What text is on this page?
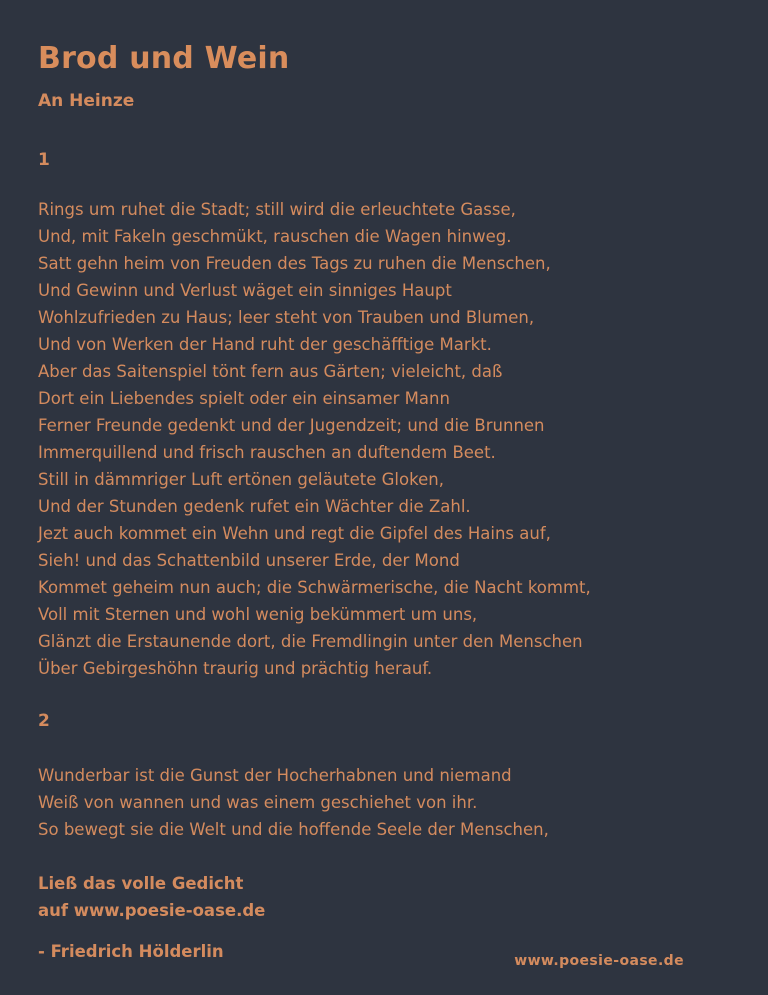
Brod und Wein
An Heinze
1
Rings um ruhet die Stadt; still wird die erleuchtete Gasse,
Und, mit Fakeln geschmükt, rauschen die Wagen hinweg.
Satt gehn heim von Freuden des Tags zu ruhen die Menschen,
Und Gewinn und Verlust wäget ein sinniges Haupt
Wohlzufrieden zu Haus; leer steht von Trauben und Blumen,
Und von Werken der Hand ruht der geschäfftige Markt.
Aber das Saitenspiel tönt fern aus Gärten; vieleicht, daß
Dort ein Liebendes spielt oder ein einsamer Mann
Ferner Freunde gedenkt und der Jugendzeit; und die Brunnen
Immerquillend und frisch rauschen an duftendem Beet.
Still in dämmriger Luft ertönen geläutete Gloken,
Und der Stunden gedenk rufet ein Wächter die Zahl.
Jezt auch kommet ein Wehn und regt die Gipfel des Hains auf,
Sieh! und das Schattenbild unserer Erde, der Mond
Kommet geheim nun auch; die Schwärmerische, die Nacht kommt,
Voll mit Sternen und wohl wenig bekümmert um uns,
Glänzt die Erstaunende dort, die Fremdlingin unter den Menschen
Über Gebirgeshöhn traurig und prächtig herauf.
2
Wunderbar ist die Gunst der Hocherhabnen und niemand
Weiß von wannen und was einem geschiehet von ihr.
So bewegt sie die Welt und die hoffende Seele der Menschen,
Ließ das volle Gedicht
auf www.poesie-oase.de
- Friedrich Hölderlin	www.poesie-oase.de
